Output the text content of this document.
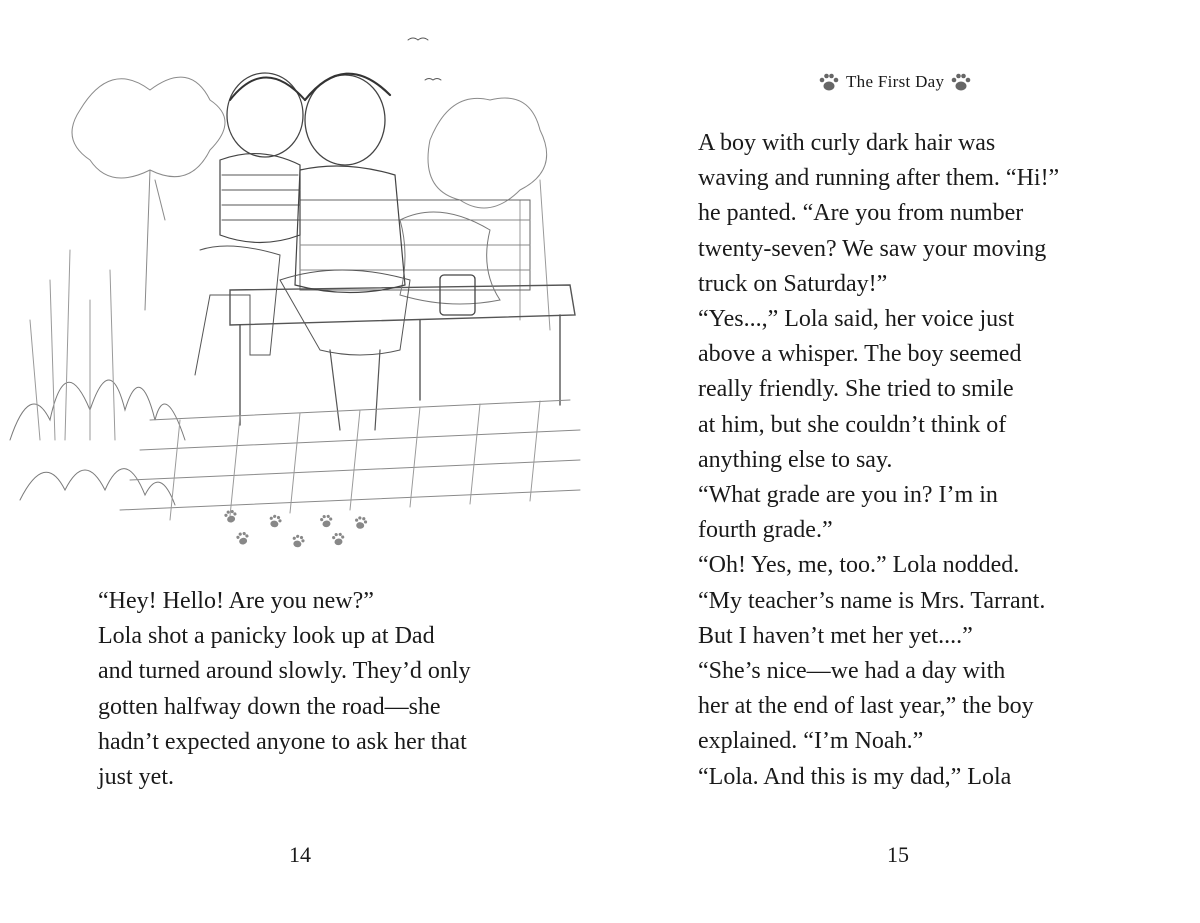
“Hey! Hello! Are you new?”
Lola shot a panicky look up at Dad
and turned around slowly. They’d only
gotten halfway down the road—she
hadn’t expected anyone to ask her that
just yet.
14
The First Day
A boy with curly dark hair was
waving and running after them. “Hi!”
he panted. “Are you from number
twenty-seven? We saw your moving
truck on Saturday!”
“Yes...,” Lola said, her voice just
above a whisper. The boy seemed
really friendly. She tried to smile
at him, but she couldn’t think of
anything else to say.
“What grade are you in? I’m in
fourth grade.”
“Oh! Yes, me, too.” Lola nodded.
“My teacher’s name is Mrs. Tarrant.
But I haven’t met her yet....”
“She’s nice—we had a day with
her at the end of last year,” the boy
explained. “I’m Noah.”
“Lola. And this is my dad,” Lola
15
